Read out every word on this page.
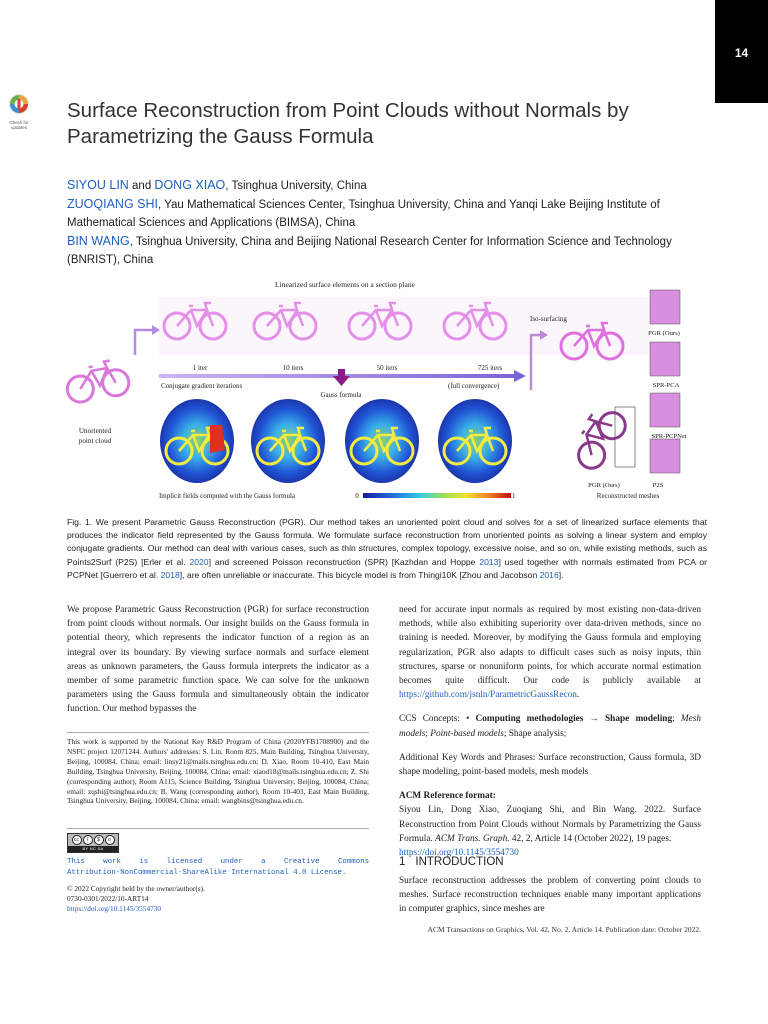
14
Check for updates
Surface Reconstruction from Point Clouds without Normals by Parametrizing the Gauss Formula
SIYOU LIN and DONG XIAO, Tsinghua University, China
ZUOQIANG SHI, Yau Mathematical Sciences Center, Tsinghua University, China and Yanqi Lake Beijing Institute of Mathematical Sciences and Applications (BIMSA), China
BIN WANG, Tsinghua University, China and Beijing National Research Center for Information Science and Technology (BNRIST), China
Linearized surface elements on a section plane
Unoriented
point cloud
1 iter	10 iters	50 iters	725 iters
Conjugate gradient iterations	(full convergence)
Gauss formula
Implicit fields computed with the Gauss formula	0	1
Iso-surfacing
PGR (Ours)
SPR-PCA
SPR-PCPNet
P2S
PGR (Ours)
Reconstructed meshes
Fig. 1. We present Parametric Gauss Reconstruction (PGR). Our method takes an unoriented point cloud and solves for a set of linearized surface elements that produces the indicator field represented by the Gauss formula. We formulate surface reconstruction from unoriented points as solving a linear system and employ conjugate gradients. Our method can deal with various cases, such as thin structures, complex topology, excessive noise, and so on, while existing methods, such as Points2Surf (P2S) [Erler et al. 2020] and screened Poisson reconstruction (SPR) [Kazhdan and Hoppe 2013] used together with normals estimated from PCA or PCPNet [Guerrero et al. 2018], are often unreliable or inaccurate. This bicycle model is from Thingi10K [Zhou and Jacobson 2016].
We propose Parametric Gauss Reconstruction (PGR) for surface reconstruction from point clouds without normals. Our insight builds on the Gauss formula in potential theory, which represents the indicator function of a region as an integral over its boundary. By viewing surface normals and surface element areas as unknown parameters, the Gauss formula interprets the indicator as a member of some parametric function space. We can solve for the unknown parameters using the Gauss formula and simultaneously obtain the indicator function. Our method bypasses the

need for accurate input normals as required by most existing non-data-driven methods, while also exhibiting superiority over data-driven methods, since no training is needed. Moreover, by modifying the Gauss formula and employing regularization, PGR also adapts to difficult cases such as noisy inputs, thin structures, sparse or nonuniform points, for which accurate normal estimation becomes quite difficult. Our code is publicly available at https://github.com/jsnln/ParametricGaussRecon.

CCS Concepts: • Computing methodologies → Shape modeling; Mesh models; Point-based models; Shape analysis;

Additional Key Words and Phrases: Surface reconstruction, Gauss formula, 3D shape modeling, point-based models, mesh models

ACM Reference format:
Siyou Lin, Dong Xiao, Zuoqiang Shi, and Bin Wang. 2022. Surface Reconstruction from Point Clouds without Normals by Parametrizing the Gauss Formula. ACM Trans. Graph. 42, 2, Article 14 (October 2022), 19 pages.
https://doi.org/10.1145/3554730
This work is supported by the National Key R&D Program of China (2020YFB1708900) and the NSFC project 12071244. Authors' addresses: S. Lin, Room 825, Main Building, Tsinghua University, Beijing, 100084, China; email: linsy21@mails.tsinghua.edu.cn; D. Xiao, Room 10-410, East Main Building, Tsinghua University, Beijing, 100084, China; email: xiaod18@mails.tsinghua.edu.cn; Z. Shi (corresponding author), Room A115, Science Building, Tsinghua University, Beijing, 100084, China; email: zqshi@tsinghua.edu.cn; B. Wang (corresponding author), Room 10-403, East Main Building, Tsinghua University, Beijing, 100084, China; email: wangbins@tsinghua.edu.cn.
cc	i	$	o
BY NC SA
This work is licensed under a Creative Commons
Attribution-NonCommercial-ShareAlike International 4.0 License.
© 2022 Copyright held by the owner/author(s).
0730-0301/2022/10-ART14
https://doi.org/10.1145/3554730
1 INTRODUCTION
Surface reconstruction addresses the problem of converting point clouds to meshes. Surface reconstruction techniques enable many important applications in computer graphics, since meshes are
ACM Transactions on Graphics, Vol. 42, No. 2, Article 14. Publication date: October 2022.
